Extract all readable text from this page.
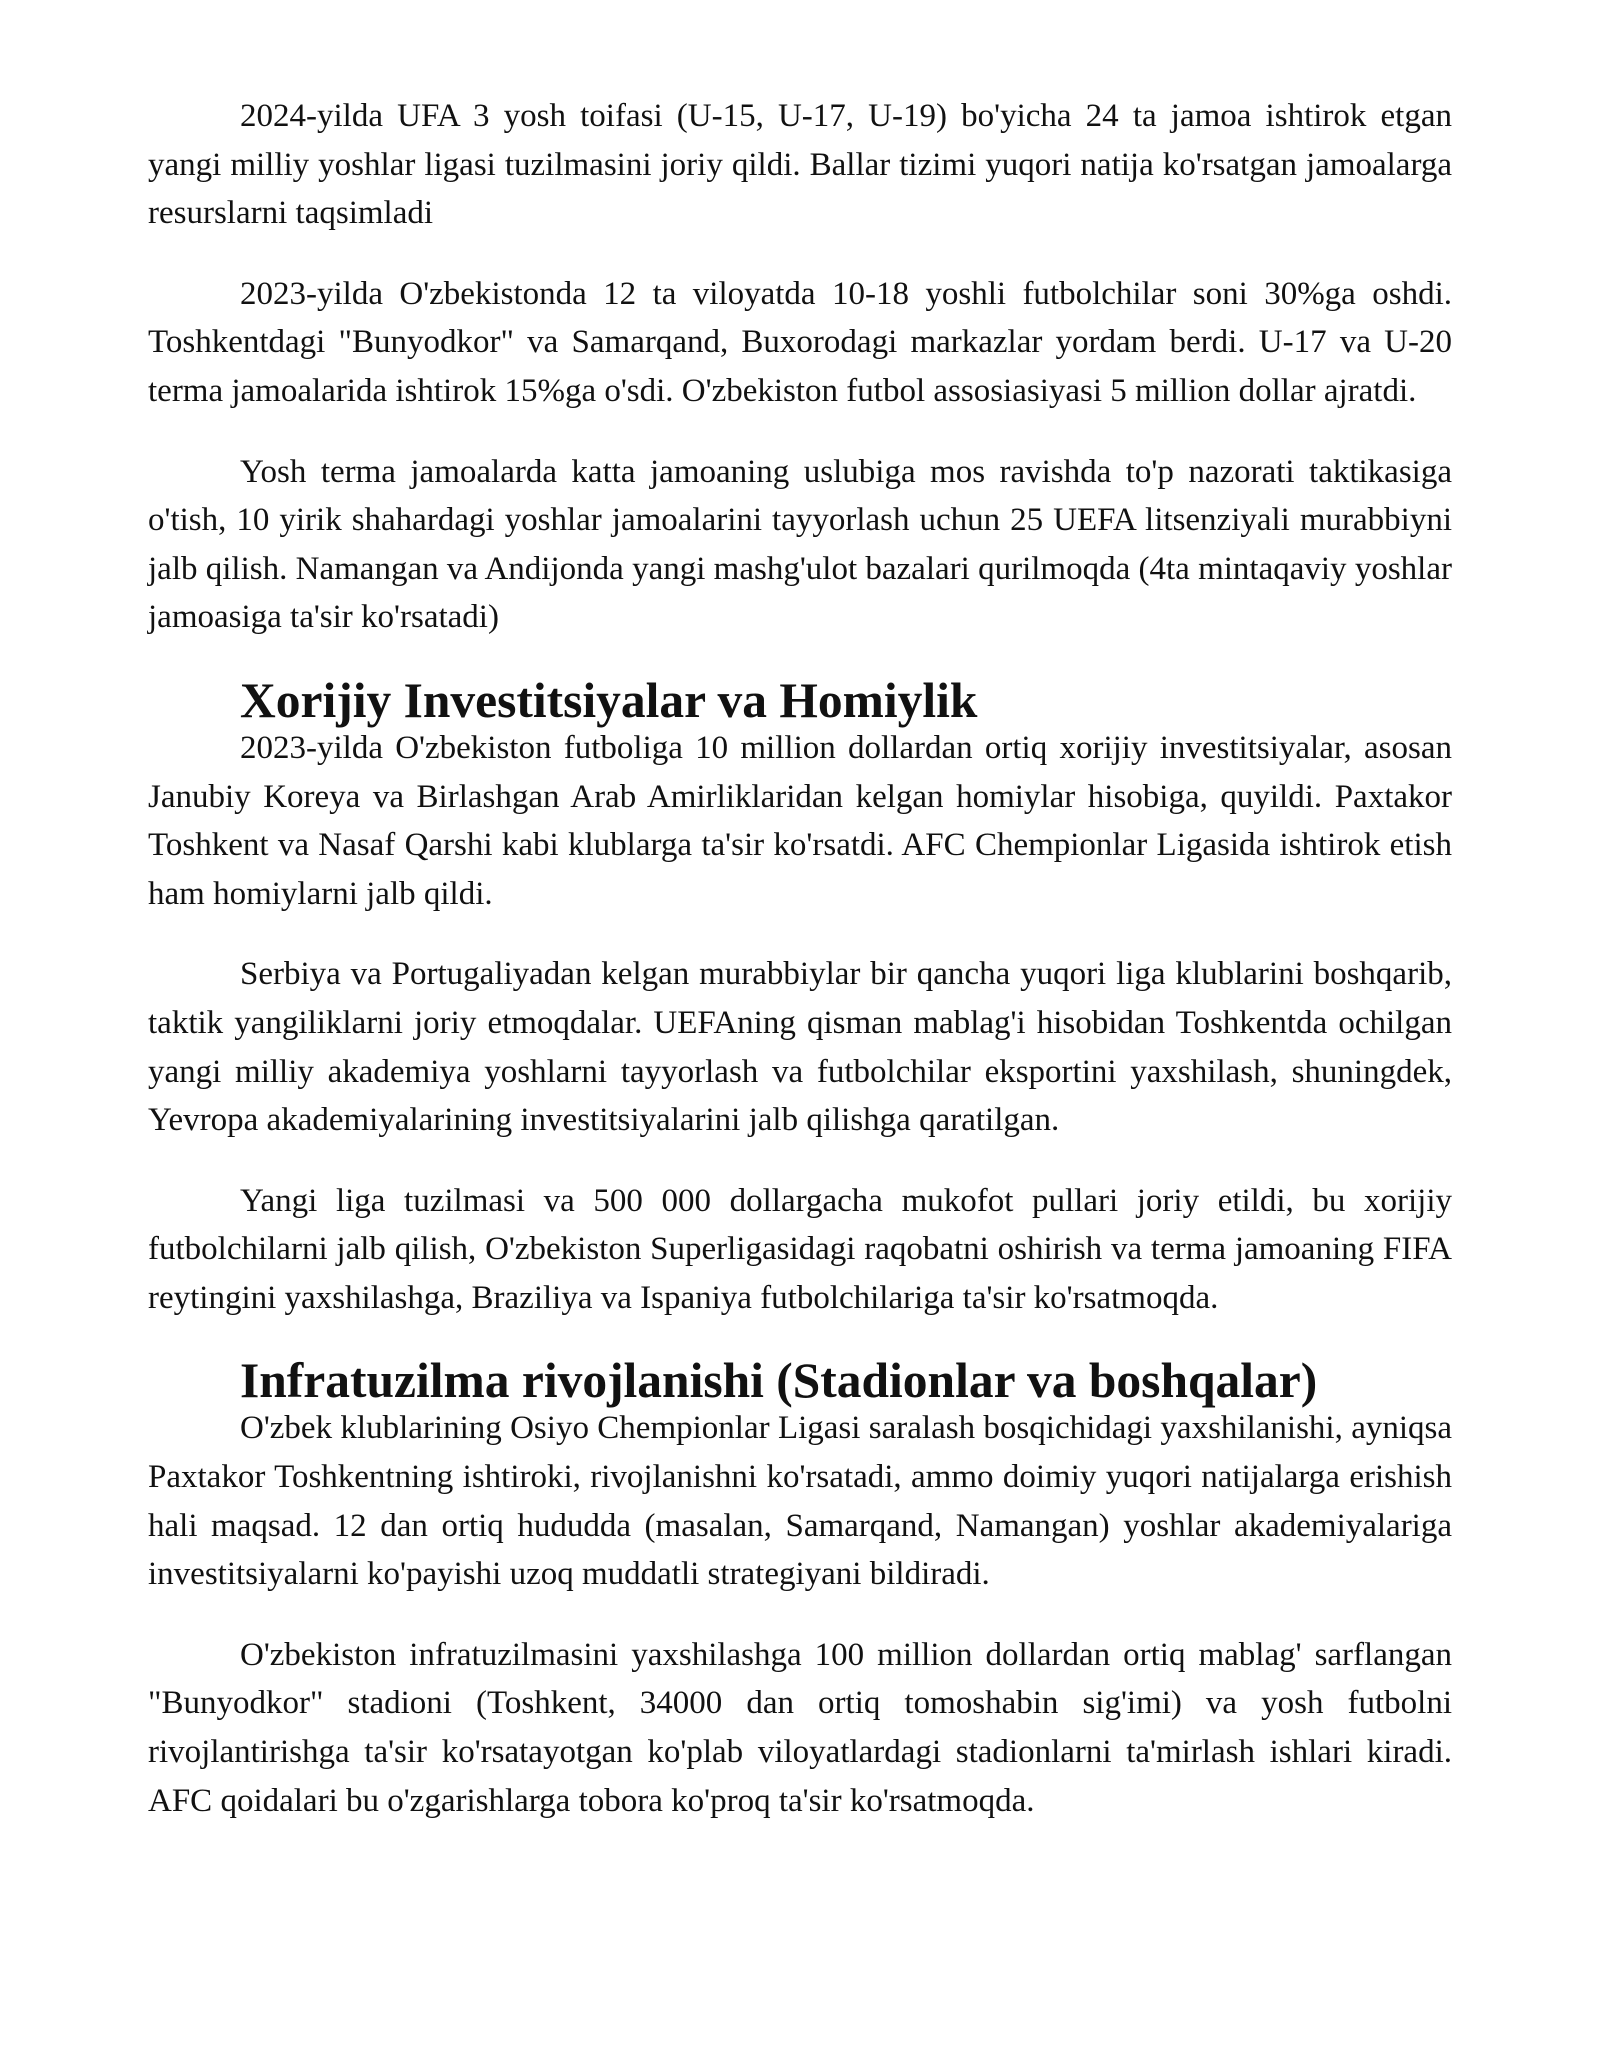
2024-yilda UFA 3 yosh toifasi (U-15, U-17, U-19) bo'yicha 24 ta jamoa ishtirok etgan yangi milliy yoshlar ligasi tuzilmasini joriy qildi. Ballar tizimi yuqori natija ko'rsatgan jamoalarga resurslarni taqsimladi

2023-yilda O'zbekistonda 12 ta viloyatda 10-18 yoshli futbolchilar soni 30%ga oshdi. Toshkentdagi "Bunyodkor" va Samarqand, Buxorodagi markazlar yordam berdi. U-17 va U-20 terma jamoalarida ishtirok 15%ga o'sdi. O'zbekiston futbol assosiasiyasi 5 million dollar ajratdi.

Yosh terma jamoalarda katta jamoaning uslubiga mos ravishda to'p nazorati taktikasiga o'tish, 10 yirik shahardagi yoshlar jamoalarini tayyorlash uchun 25 UEFA litsenziyali murabbiyni jalb qilish. Namangan va Andijonda yangi mashg'ulot bazalari qurilmoqda (4ta mintaqaviy yoshlar jamoasiga ta'sir ko'rsatadi)

Xorijiy Investitsiyalar va Homiylik

2023-yilda O'zbekiston futboliga 10 million dollardan ortiq xorijiy investitsiyalar, asosan Janubiy Koreya va Birlashgan Arab Amirliklaridan kelgan homiylar hisobiga, quyildi. Paxtakor Toshkent va Nasaf Qarshi kabi klublarga ta'sir ko'rsatdi. AFC Chempionlar Ligasida ishtirok etish ham homiylarni jalb qildi.

Serbiya va Portugaliyadan kelgan murabbiylar bir qancha yuqori liga klublarini boshqarib, taktik yangiliklarni joriy etmoqdalar. UEFAning qisman mablag'i hisobidan Toshkentda ochilgan yangi milliy akademiya yoshlarni tayyorlash va futbolchilar eksportini yaxshilash, shuningdek, Yevropa akademiyalarining investitsiyalarini jalb qilishga qaratilgan.

Yangi liga tuzilmasi va 500 000 dollargacha mukofot pullari joriy etildi, bu xorijiy futbolchilarni jalb qilish, O'zbekiston Superligasidagi raqobatni oshirish va terma jamoaning FIFA reytingini yaxshilashga, Braziliya va Ispaniya futbolchilariga ta'sir ko'rsatmoqda.

Infratuzilma rivojlanishi (Stadionlar va boshqalar)

O'zbek klublarining Osiyo Chempionlar Ligasi saralash bosqichidagi yaxshilanishi, ayniqsa Paxtakor Toshkentning ishtiroki, rivojlanishni ko'rsatadi, ammo doimiy yuqori natijalarga erishish hali maqsad. 12 dan ortiq hududda (masalan, Samarqand, Namangan) yoshlar akademiyalariga investitsiyalarni ko'payishi uzoq muddatli strategiyani bildiradi.

O'zbekiston infratuzilmasini yaxshilashga 100 million dollardan ortiq mablag' sarflangan "Bunyodkor" stadioni (Toshkent, 34000 dan ortiq tomoshabin sig'imi) va yosh futbolni rivojlantirishga ta'sir ko'rsatayotgan ko'plab viloyatlardagi stadionlarni ta'mirlash ishlari kiradi. AFC qoidalari bu o'zgarishlarga tobora ko'proq ta'sir ko'rsatmoqda.
